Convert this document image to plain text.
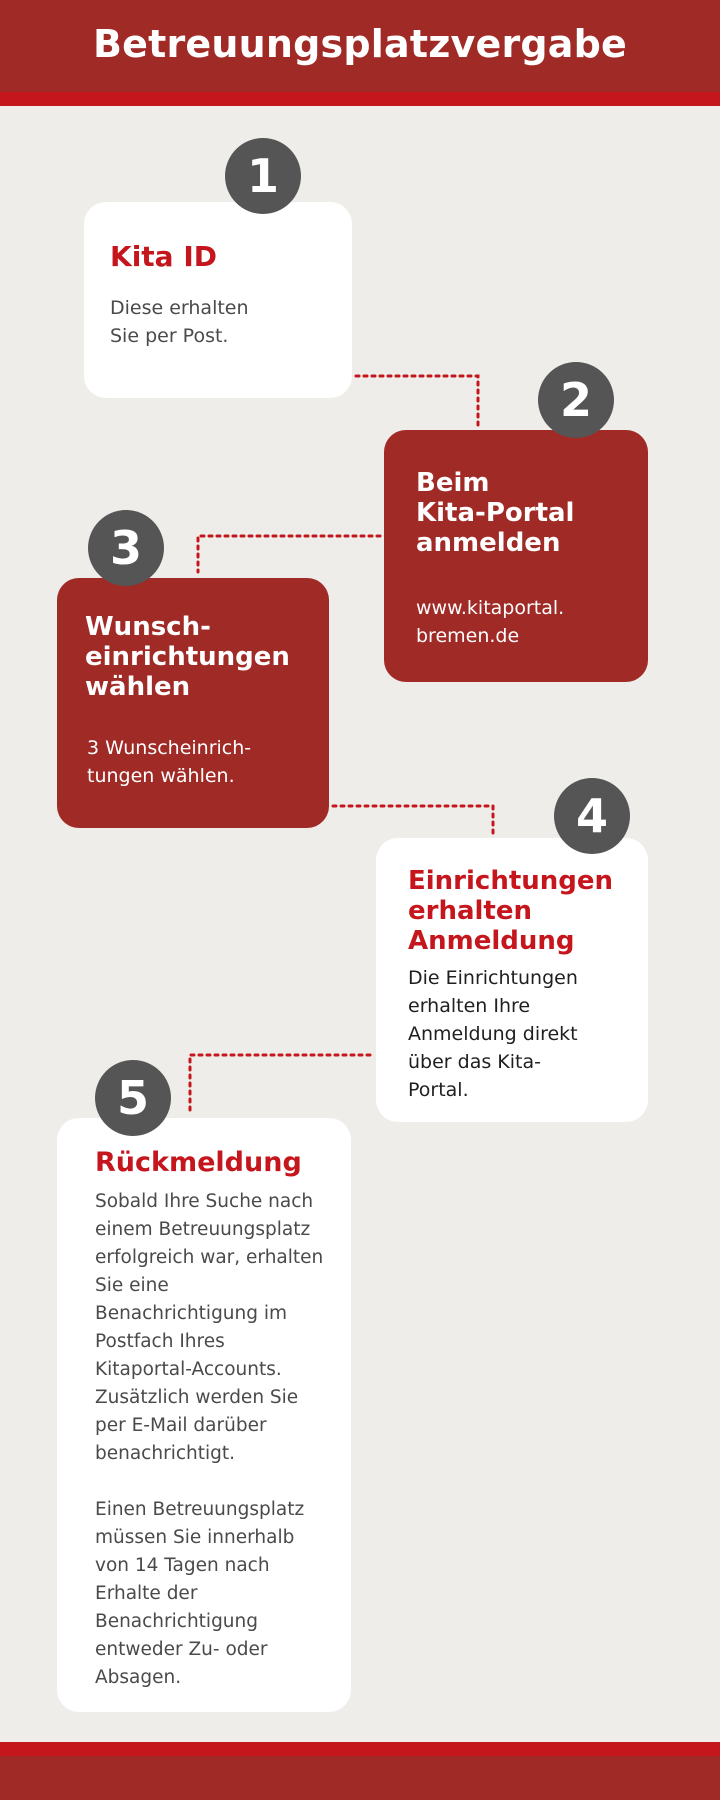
Betreuungsplatzvergabe
Kita ID
Diese erhalten
Sie per Post.
1
Beim
Kita-Portal
anmelden
www.kitaportal.
bremen.de
2
Wunsch-
einrichtungen
wählen
3 Wunscheinrich-
tungen wählen.
3
Einrichtungen
erhalten
Anmeldung
Die Einrichtungen
erhalten Ihre
Anmeldung direkt
über das Kita-
Portal.
4
Rückmeldung
Sobald Ihre Suche nach
einem Betreuungsplatz
erfolgreich war, erhalten
Sie eine
Benachrichtigung im
Postfach Ihres
Kitaportal-Accounts.
Zusätzlich werden Sie
per E-Mail darüber
benachrichtigt.

Einen Betreuungsplatz
müssen Sie innerhalb
von 14 Tagen nach
Erhalte der
Benachrichtigung
entweder Zu- oder
Absagen.
5
